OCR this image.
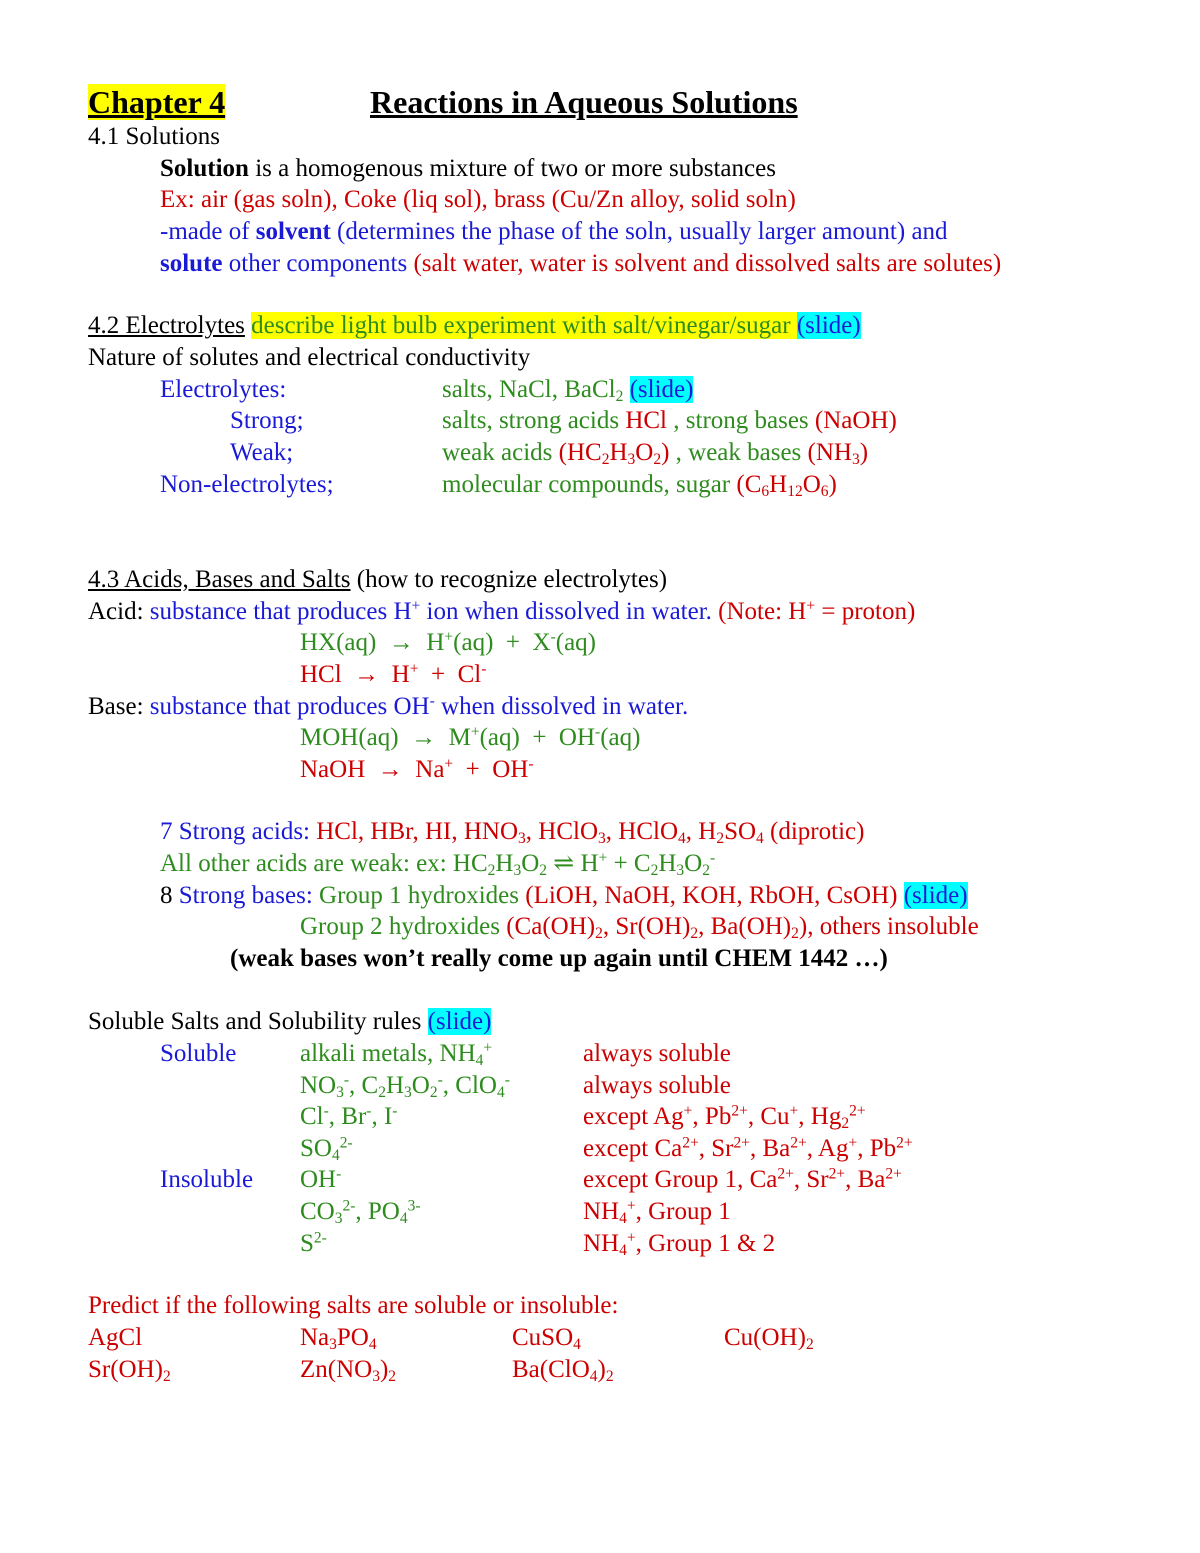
Chapter 4	Reactions in Aqueous Solutions
4.1 Solutions
Solution is a homogenous mixture of two or more substances
Ex: air (gas soln), Coke (liq sol), brass (Cu/Zn alloy, solid soln)
-made of solvent (determines the phase of the soln, usually larger amount) and
solute other components (salt water, water is solvent and dissolved salts are solutes)
4.2 Electrolytes describe light bulb experiment with salt/vinegar/sugar (slide)
Nature of solutes and electrical conductivity
Electrolytes:	salts, NaCl, BaCl$_2$ (slide)
Strong;	salts, strong acids HCl , strong bases (NaOH)
Weak;	weak acids $(HC_2H_3O_2)$ , weak bases $(NH_3)$
Non-electrolytes;	molecular compounds, sugar $(C_6H_{12}O_6)$
4.3 Acids, Bases and Salts (how to recognize electrolytes)
Acid: substance that produces H+ ion when dissolved in water. (Note: H+ = proton)
HX(aq)  →  H+(aq)  +  X-(aq)
HCl  →  H+  +  Cl-
Base: substance that produces OH- when dissolved in water.
MOH(aq)  →  M+(aq)  +  OH-(aq)
NaOH  →  Na+  +  OH-
7 Strong acids: HCl, HBr, HI, $HNO_3$, HClO$_3$, HClO$_4$, $H_2SO_4$ (diprotic)
All other acids are weak: ex: $HC_2H_3O_2$ ⇌ $H^+ + C_2H_3O_2^-$
8 Strong bases: Group 1 hydroxides (LiOH, NaOH, KOH, RbOH, CsOH) (slide)
Group 2 hydroxides ($Ca(OH)_2$, $Sr(OH)_2$, $Ba(OH)_2$), others insoluble
(weak bases won’t really come up again until CHEM 1442 …)
Soluble Salts and Solubility rules (slide)
Soluble	alkali metals, $NH_4^+$	always soluble
$NO_3^-$, $C_2H_3O_2^-$, ClO$_4$-	always soluble
Cl-, Br-, I-	except Ag+, $Pb^{2+}$, Cu+, $Hg_2^{2+}$
$SO_4^{2-}$	except $Ca^{2+}$, $Sr^{2+}$, $Ba^{2+}$, Ag+, $Pb^{2+}$
Insoluble OH-	except Group 1, $Ca^{2+}$, $Sr^{2+}$, $Ba^{2+}$
$CO_3^{2-}$, $PO_4^{3-}$	$NH_4^+$, Group 1
$S^{2-}$	$NH_4^+$, Group 1 & 2
Predict if the following salts are soluble or insoluble:
AgCl	$Na_3PO_4$	CuSO$_4$	$Cu(OH)_2$
$Sr(OH)_2$	$Zn(NO_3)_2$	$Ba(ClO_4)_2$
